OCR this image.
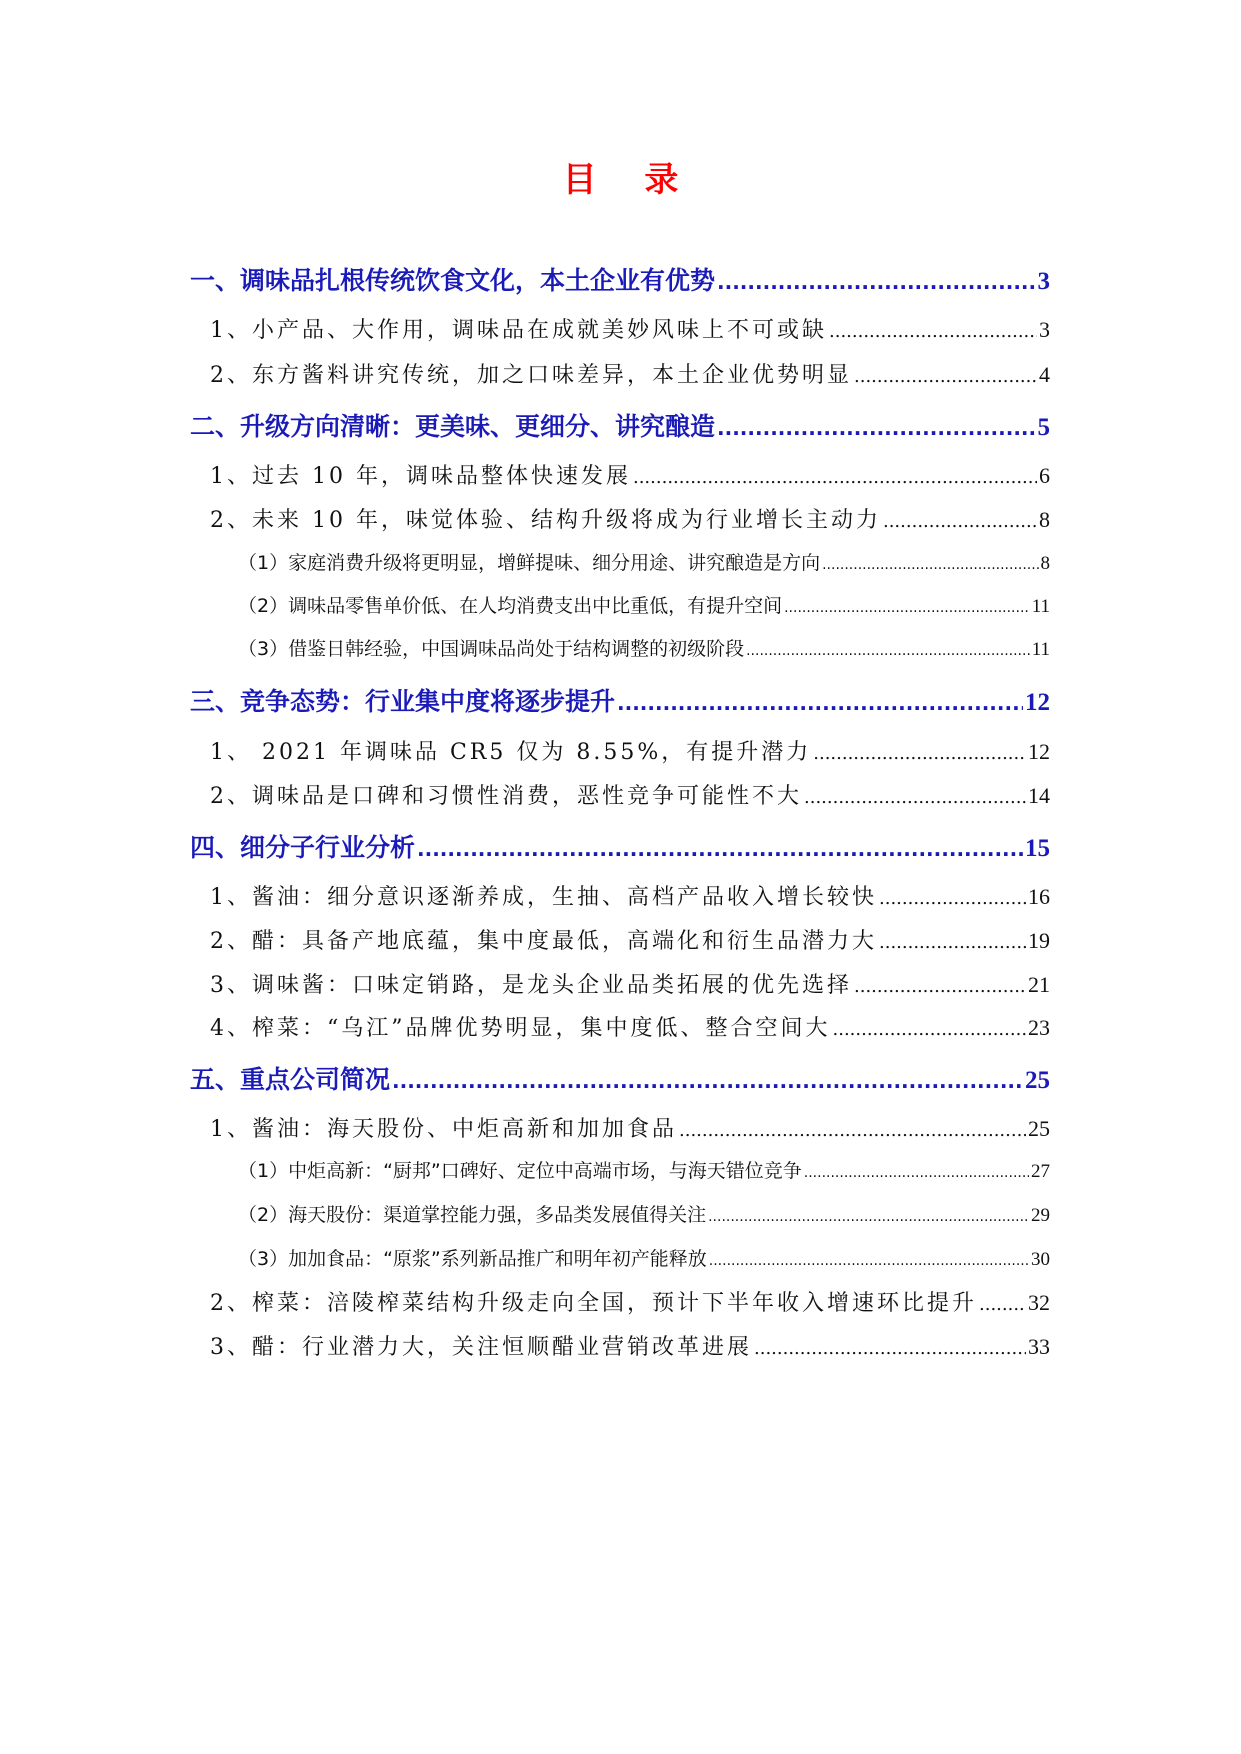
目 录
一、调味品扎根传统饮食文化，本土企业有优势 .....	3
1、小产品、大作用，调味品在成就美妙风味上不可或缺 .....	3
2、东方酱料讲究传统，加之口味差异，本土企业优势明显 .....	4
二、升级方向清晰：更美味、更细分、讲究酿造 .....	5
1、过去 10 年，调味品整体快速发展 .....	6
2、未来 10 年，味觉体验、结构升级将成为行业增长主动力 .....	8
（1）家庭消费升级将更明显，增鲜提味、细分用途、讲究酿造是方向 .....	8
（2）调味品零售单价低、在人均消费支出中比重低，有提升空间 .....	11
（3）借鉴日韩经验，中国调味品尚处于结构调整的初级阶段 .....	11
三、竞争态势：行业集中度将逐步提升 .....	12
1、 2021 年调味品 CR5 仅为 8.55%，有提升潜力 .....	12
2、调味品是口碑和习惯性消费，恶性竞争可能性不大 .....	14
四、细分子行业分析 .....	15
1、酱油：细分意识逐渐养成，生抽、高档产品收入增长较快 .....	16
2、醋：具备产地底蕴，集中度最低，高端化和衍生品潜力大 .....	19
3、调味酱：口味定销路，是龙头企业品类拓展的优先选择 .....	21
4、榨菜：“乌江”品牌优势明显，集中度低、整合空间大 .....	23
五、重点公司简况 .....	25
1、酱油：海天股份、中炬高新和加加食品 .....	25
（1）中炬高新：“厨邦”口碑好、定位中高端市场，与海天错位竞争 .....	27
（2）海天股份：渠道掌控能力强，多品类发展值得关注 .....	29
（3）加加食品：“原浆”系列新品推广和明年初产能释放 .....	30
2、榨菜：涪陵榨菜结构升级走向全国，预计下半年收入增速环比提升 ..... 32
3、醋：行业潜力大，关注恒顺醋业营销改革进展 .....	33
